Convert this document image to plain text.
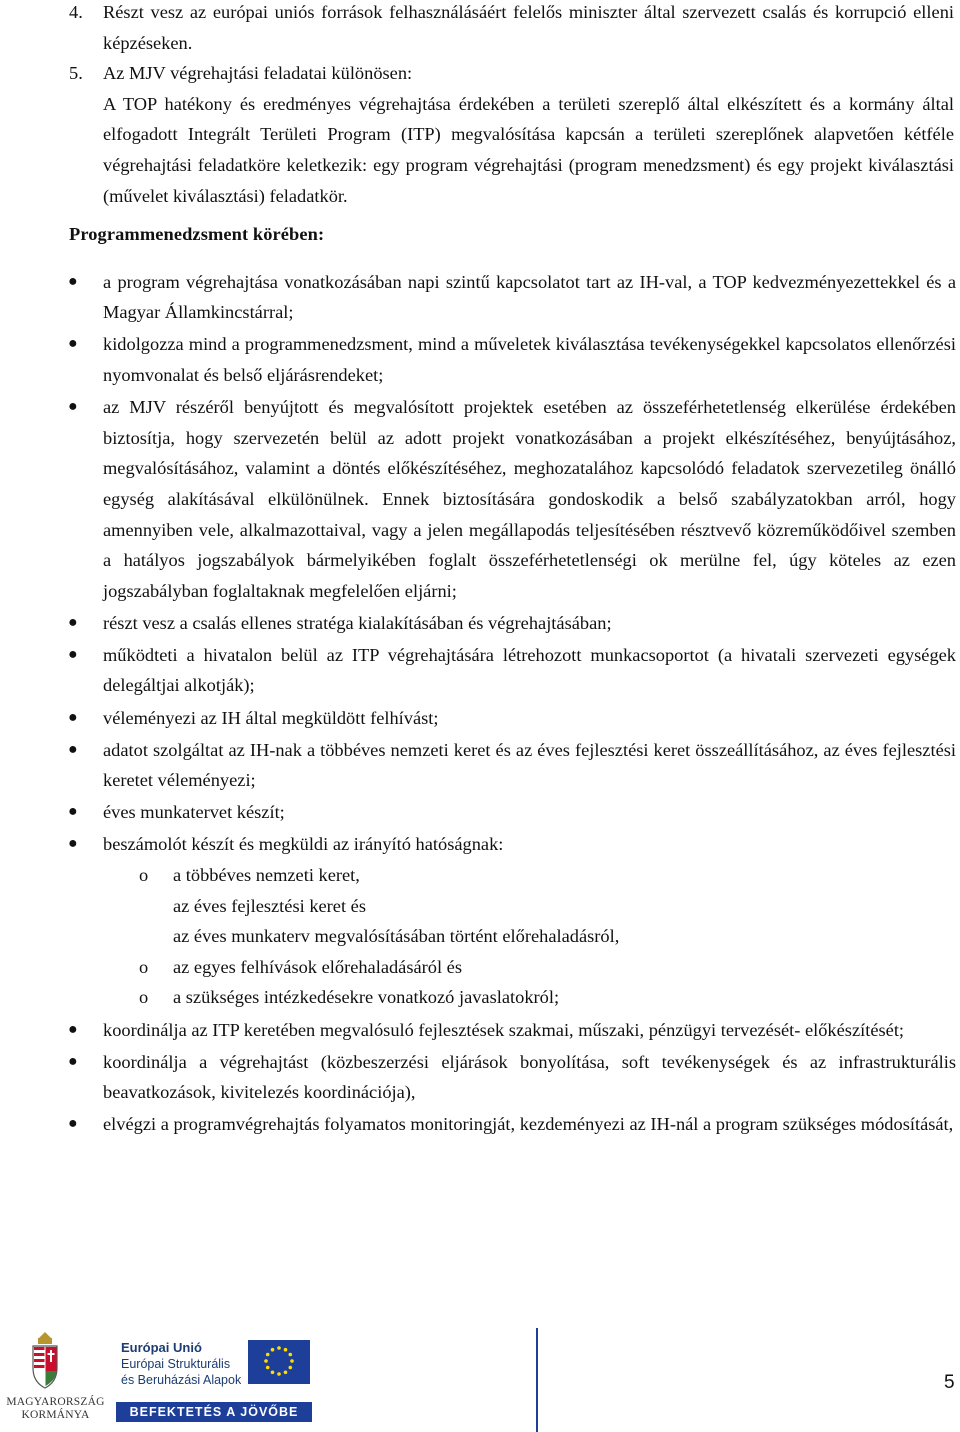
4. Részt vesz az európai uniós források felhasználásáért felelős miniszter által szervezett csalás és korrupció elleni képzéseken.
5. Az MJV végrehajtási feladatai különösen:
A TOP hatékony és eredményes végrehajtása érdekében a területi szereplő által elkészített és a kormány által elfogadott Integrált Területi Program (ITP) megvalósítása kapcsán a területi szereplőnek alapvetően kétféle végrehajtási feladatköre keletkezik: egy program végrehajtási (program menedzsment) és egy projekt kiválasztási (művelet kiválasztási) feladatkör.
Programmenedzsment körében:
● a program végrehajtása vonatkozásában napi szintű kapcsolatot tart az IH-val, a TOP kedvezményezettekkel és a Magyar Államkincstárral;
● kidolgozza mind a programmenedzsment, mind a műveletek kiválasztása tevékenységekkel kapcsolatos ellenőrzési nyomvonalat és belső eljárásrendeket;
● az MJV részéről benyújtott és megvalósított projektek esetében az összeférhetetlenség elkerülése érdekében biztosítja, hogy szervezetén belül az adott projekt vonatkozásában a projekt elkészítéséhez, benyújtásához, megvalósításához, valamint a döntés előkészítéséhez, meghozatalához kapcsolódó feladatok szervezetileg önálló egység alakításával elkülönülnek. Ennek biztosítására gondoskodik a belső szabályzatokban arról, hogy amennyiben vele, alkalmazottaival, vagy a jelen megállapodás teljesítésében résztvevő közreműködőivel szemben a hatályos jogszabályok bármelyikében foglalt összeférhetetlenségi ok merülne fel, úgy köteles az ezen jogszabályban foglaltaknak megfelelően eljárni;
● részt vesz a csalás ellenes stratéga kialakításában és végrehajtásában;
● működteti a hivatalon belül az ITP végrehajtására létrehozott munkacsoportot (a hivatali szervezeti egységek delegáltjai alkotják);
● véleményezi az IH által megküldött felhívást;
● adatot szolgáltat az IH-nak a többéves nemzeti keret és az éves fejlesztési keret összeállításához, az éves fejlesztési keretet véleményezi;
● éves munkatervet készít;
● beszámolót készít és megküldi az irányító hatóságnak:
o a többéves nemzeti keret,
az éves fejlesztési keret és
az éves munkaterv megvalósításában történt előrehaladásról,
o az egyes felhívások előrehaladásáról és
o a szükséges intézkedésekre vonatkozó javaslatokról;
● koordinálja az ITP keretében megvalósuló fejlesztések szakmai, műszaki, pénzügyi tervezését- előkészítését;
● koordinálja a végrehajtást (közbeszerzési eljárások bonyolítása, soft tevékenységek és az infrastrukturális beavatkozások, kivitelezés koordinációja),
● elvégzi a programvégrehajtás folyamatos monitoringját, kezdeményezi az IH-nál a program szükséges módosítását,
MAGYARORSZÁG
KORMÁNYA
Európai Unió
Európai Strukturális
és Beruházási Alapok
BEFEKTETÉS A JÖVŐBE
5
